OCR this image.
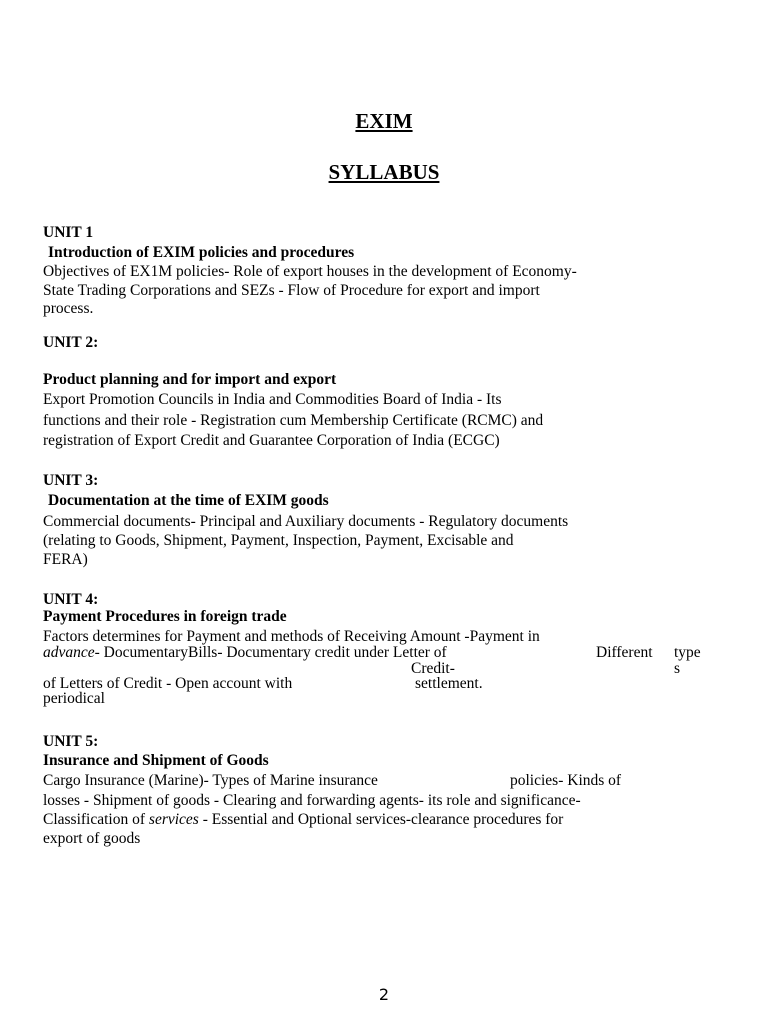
EXIM
SYLLABUS
UNIT 1
Introduction of EXIM policies and procedures
Objectives of EX1M policies- Role of export houses in the development of Economy-
State Trading Corporations and SEZs - Flow of Procedure for export and import
process.
UNIT 2:
Product planning and for import and export
Export Promotion Councils in India and Commodities Board of India - Its
functions and their role - Registration cum Membership Certificate (RCMC) and
registration of Export Credit and Guarantee Corporation of India (ECGC)
UNIT 3:
Documentation at the time of EXIM goods
Commercial documents- Principal and Auxiliary documents - Regulatory documents
(relating to Goods, Shipment, Payment, Inspection, Payment, Excisable and
FERA)
UNIT 4:
Payment Procedures in foreign trade
Factors determines for Payment and methods of Receiving Amount -Payment in
advance- DocumentaryBills- Documentary credit under Letter of	Different type
Credit-	s
of Letters of Credit - Open account with	settlement.
periodical
UNIT 5:
Insurance and Shipment of Goods
Cargo Insurance (Marine)- Types of Marine insurance	policies- Kinds of
losses - Shipment of goods - Clearing and forwarding agents- its role and significance-
Classification of services - Essential and Optional services-clearance procedures for
export of goods
2
